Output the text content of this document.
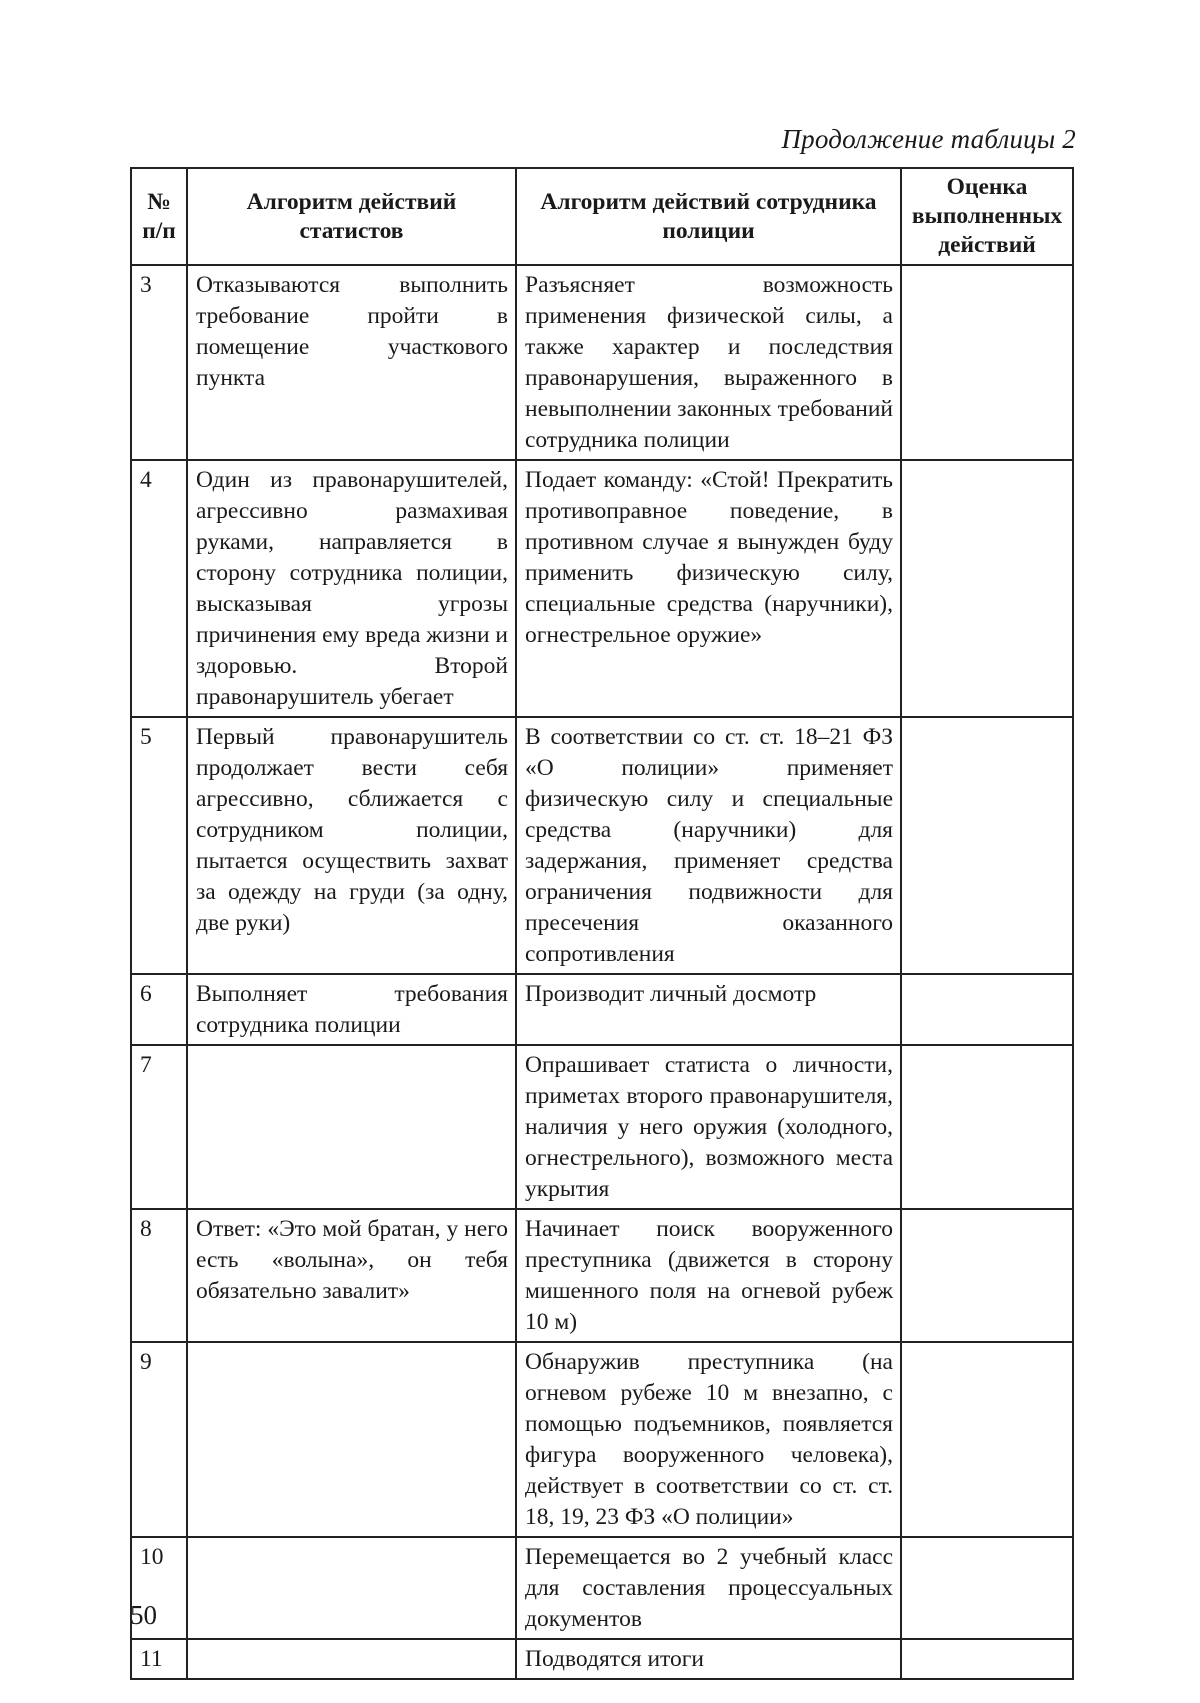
Продолжение таблицы 2
№ п/п	Алгоритм действий статистов	Алгоритм действий сотрудника полиции	Оценка выполненных действий
3	Отказываются выполнить требование пройти в помещение участкового пункта	Разъясняет возможность применения физической силы, а также характер и последствия правонарушения, выраженного в невыполнении законных требований сотрудника полиции	
4	Один из правонарушителей, агрессивно размахивая руками, направляется в сторону сотрудника полиции, высказывая угрозы причинения ему вреда жизни и здоровью. Второй правонарушитель убегает	Подает команду: «Стой! Прекратить противоправное поведение, в противном случае я вынужден буду применить физическую силу, специальные средства (наручники), огнестрельное оружие»	
5	Первый правонарушитель продолжает вести себя агрессивно, сближается с сотрудником полиции, пытается осуществить захват за одежду на груди (за одну, две руки)	В соответствии со ст. ст. 18–21 ФЗ «О полиции» применяет физическую силу и специальные средства (наручники) для задержания, применяет средства ограничения подвижности для пресечения оказанного сопротивления	
6	Выполняет требования сотрудника полиции	Производит личный досмотр	
7		Опрашивает статиста о личности, приметах второго правонарушителя, наличия у него оружия (холодного, огнестрельного), возможного места укрытия	
8	Ответ: «Это мой братан, у него есть «волына», он тебя обязательно завалит»	Начинает поиск вооруженного преступника (движется в сторону мишенного поля на огневой рубеж 10 м)	
9		Обнаружив преступника (на огневом рубеже 10 м внезапно, с помощью подъемников, появляется фигура вооруженного человека), действует в соответствии со ст. ст. 18, 19, 23 ФЗ «О полиции»	
10		Перемещается во 2 учебный класс для составления процессуальных документов	
11		Подводятся итоги	
50
